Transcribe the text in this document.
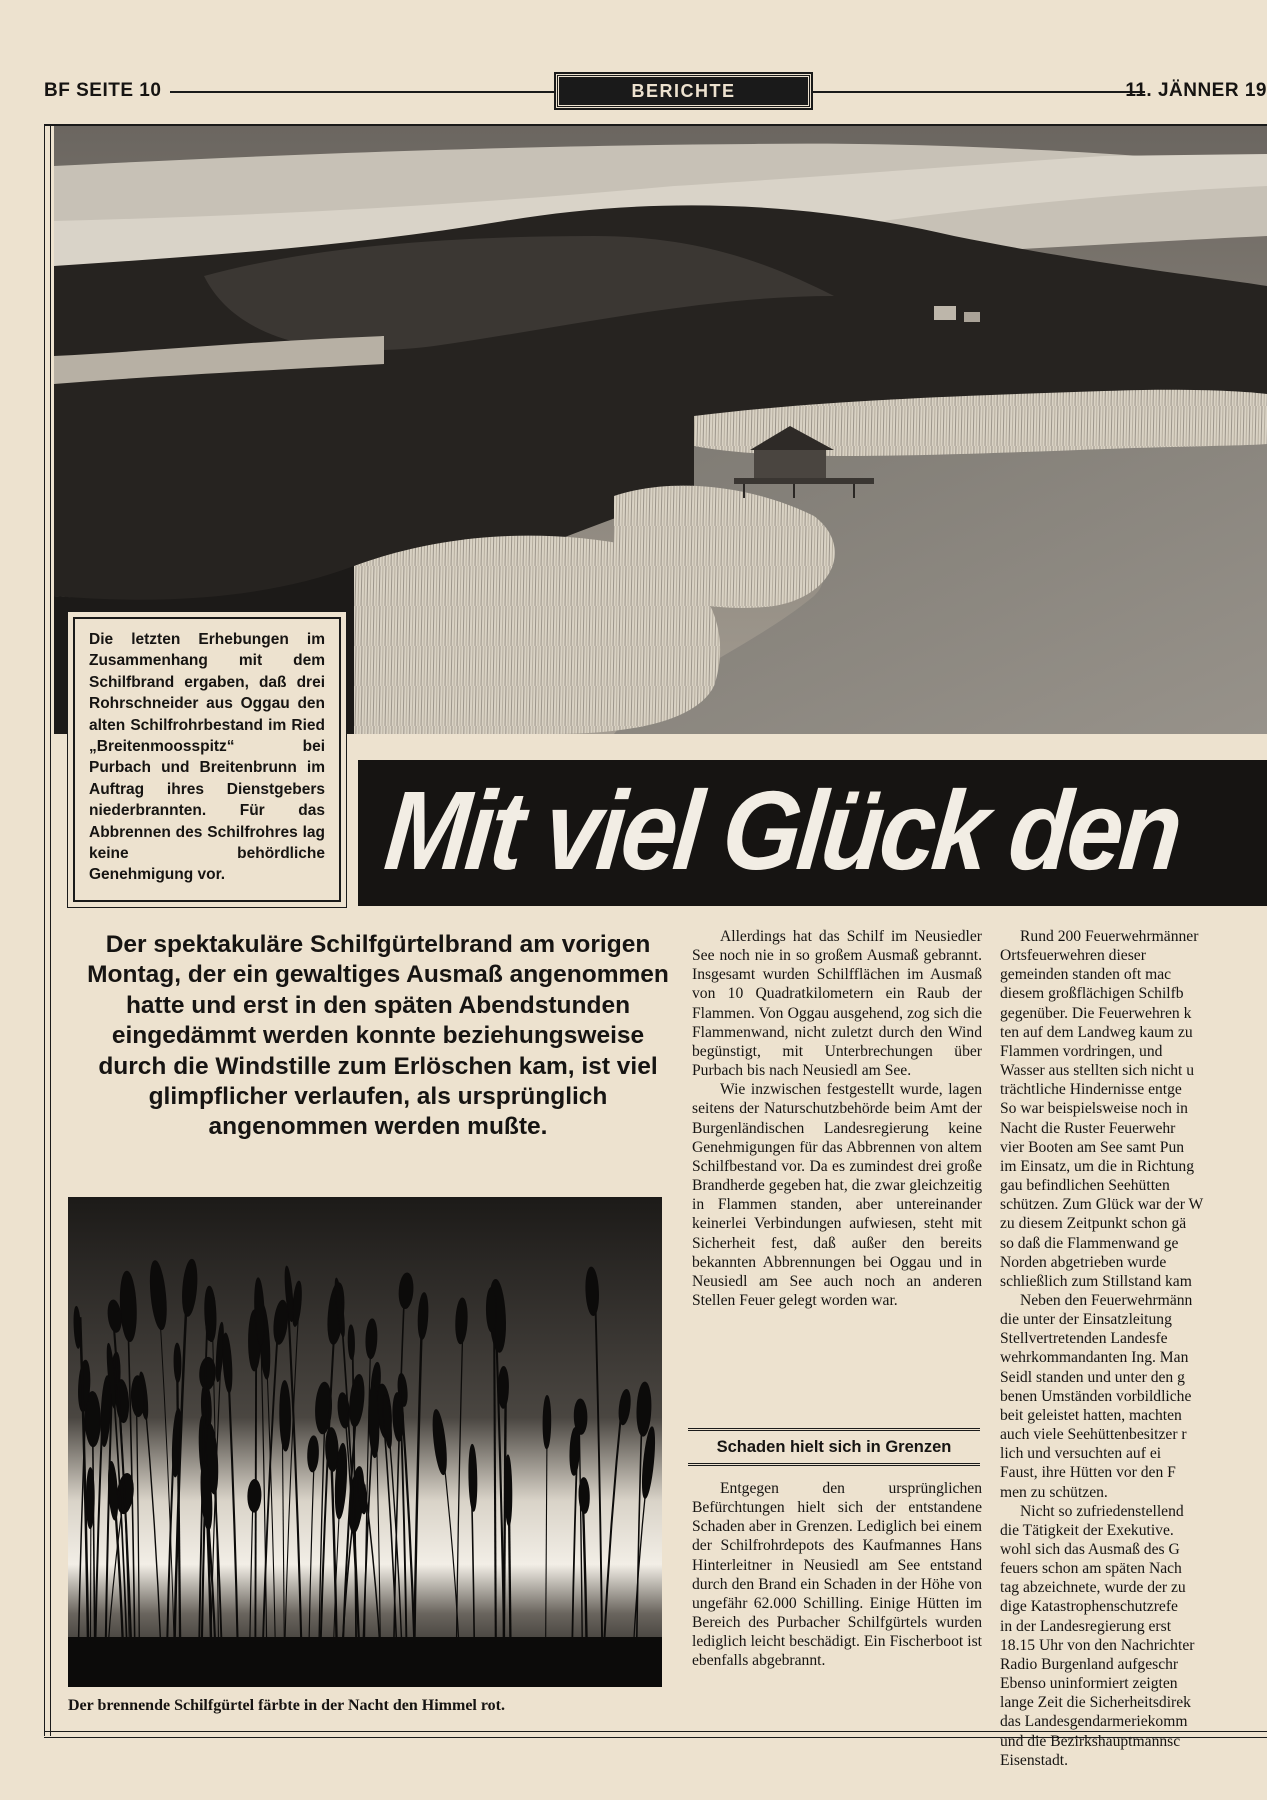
BF SEITE 10	BERICHTE	11. JÄNNER 19
Die letzten Erhebungen im Zusammenhang mit dem Schilfbrand ergaben, daß drei Rohrschneider aus Oggau den alten Schilfrohrbestand im Ried „Breitenmoosspitz“ bei Purbach und Breitenbrunn im Auftrag ihres Dienstgebers niederbrannten. Für das Abbrennen des Schilfrohres lag keine behördliche Genehmigung vor.	Mit viel Glück den
Der spektakuläre Schilfgürtelbrand am vorigen Montag, der ein gewaltiges Ausmaß angenommen hatte und erst in den späten Abendstunden eingedämmt werden konnte beziehungsweise durch die Windstille zum Erlöschen kam, ist viel glimpflicher verlaufen, als ursprünglich angenommen werden mußte.
Der brennende Schilfgürtel färbte in der Nacht den Himmel rot.

Allerdings hat das Schilf im Neusiedler See noch nie in so großem Ausmaß gebrannt. Insgesamt wurden Schilfflächen im Ausmaß von 10 Quadratkilometern ein Raub der Flammen. Von Oggau ausgehend, zog sich die Flammenwand, nicht zuletzt durch den Wind begünstigt, mit Unterbrechungen über Purbach bis nach Neusiedl am See.

Wie inzwischen festgestellt wurde, lagen seitens der Naturschutzbehörde beim Amt der Burgenländischen Landesregierung keine Genehmigungen für das Abbrennen von altem Schilfbestand vor. Da es zumindest drei große Brandherde gegeben hat, die zwar gleichzeitig in Flammen standen, aber untereinander keinerlei Verbindungen aufwiesen, steht mit Sicherheit fest, daß außer den bereits bekannten Abbrennungen bei Oggau und in Neusiedl am See auch noch an anderen Stellen Feuer gelegt worden war.

Schaden hielt sich in Grenzen

Entgegen den ursprünglichen Befürchtungen hielt sich der entstandene Schaden aber in Grenzen. Lediglich bei einem der Schilfrohrdepots des Kaufmannes Hans Hinterleitner in Neusiedl am See entstand durch den Brand ein Schaden in der Höhe von ungefähr 62.000 Schilling. Einige Hütten im Bereich des Purbacher Schilfgürtels wurden lediglich leicht beschädigt. Ein Fischerboot ist ebenfalls abgebrannt.

Rund 200 Feuerwehrmänner
Ortsfeuerwehren dieser
gemeinden standen oft mac
diesem großflächigen Schilfb
gegenüber. Die Feuerwehren k
ten auf dem Landweg kaum zu
Flammen vordringen, und
Wasser aus stellten sich nicht u
trächtliche Hindernisse entge
So war beispielsweise noch in
Nacht die Ruster Feuerwehr
vier Booten am See samt Pun
im Einsatz, um die in Richtung
gau befindlichen Seehütten
schützen. Zum Glück war der W
zu diesem Zeitpunkt schon gä
so daß die Flammenwand ge
Norden abgetrieben wurde
schließlich zum Stillstand kam
Neben den Feuerwehrmänn
die unter der Einsatzleitung
Stellvertretenden Landesfe
wehrkommandanten Ing. Man
Seidl standen und unter den g
benen Umständen vorbildliche
beit geleistet hatten, machten
auch viele Seehüttenbesitzer r
lich und versuchten auf ei
Faust, ihre Hütten vor den F
men zu schützen.
Nicht so zufriedenstellend
die Tätigkeit der Exekutive.
wohl sich das Ausmaß des G
feuers schon am späten Nach
tag abzeichnete, wurde der zu
dige Katastrophenschutzrefe
in der Landesregierung erst
18.15 Uhr von den Nachrichter
Radio Burgenland aufgeschr
Ebenso uninformiert zeigten
lange Zeit die Sicherheitsdirek
das Landesgendarmeriekomm
und die Bezirkshauptmannsc
Eisenstadt.
